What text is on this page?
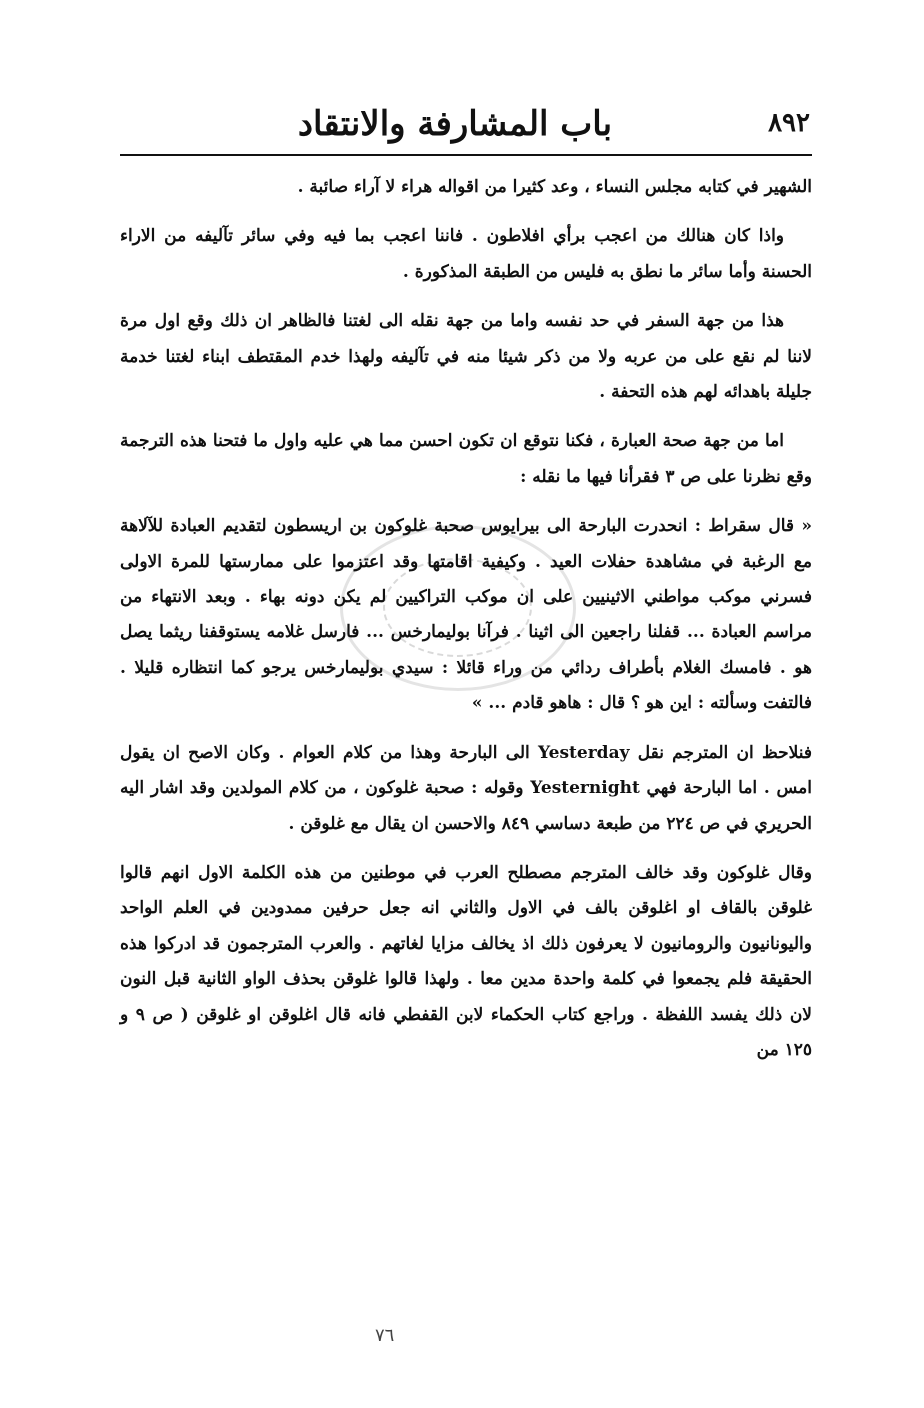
باب المشارفة والانتقاد	٨٩٢

الشهير في كتابه مجلس النساء ، وعد كثيرا من اقواله هراء لا آراء صائبة .

واذا كان هنالك من اعجب برأي افلاطون . فاننا اعجب بما فيه وفي سائر تآليفه من الاراء الحسنة وأما سائر ما نطق به فليس من الطبقة المذكورة .

هذا من جهة السفر في حد نفسه واما من جهة نقله الى لغتنا فالظاهر ان ذلك وقع اول مرة لاننا لم نقع على من عربه ولا من ذكر شيئا منه في تآليفه ولهذا خدم المقتطف ابناء لغتنا خدمة جليلة باهدائه لهم هذه التحفة .

اما من جهة صحة العبارة ، فكنا نتوقع ان تكون احسن مما هي عليه واول ما فتحنا هذه الترجمة وقع نظرنا على ص ٣ فقرأنا فيها ما نقله :

« قال سقراط : انحدرت البارحة الى بيرايوس صحبة غلوكون بن اريسطون لتقديم العبادة للآلاهة مع الرغبة في مشاهدة حفلات العيد . وكيفية اقامتها وقد اعتزموا على ممارستها للمرة الاولى فسرني موكب مواطني الاثينيين على ان موكب التراكيين لم يكن دونه بهاء . وبعد الانتهاء من مراسم العبادة ... قفلنا راجعين الى اثينا . فرآنا بوليمارخس ... فارسل غلامه يستوقفنا ريثما يصل هو . فامسك الغلام بأطراف ردائي من وراء قائلا : سيدي بوليمارخس يرجو كما انتظاره قليلا . فالتفت وسألته : اين هو ؟ قال : هاهو قادم ... »

فنلاحظ ان المترجم نقل Yesterday الى البارحة وهذا من كلام العوام . وكان الاصح ان يقول امس . اما البارحة فهي Yesternight وقوله : صحبة غلوكون ، من كلام المولدين وقد اشار اليه الحريري في ص ٢٢٤ من طبعة دساسي ٨٤٩ والاحسن ان يقال مع غلوقن .

وقال غلوكون وقد خالف المترجم مصطلح العرب في موطنين من هذه الكلمة الاول انهم قالوا غلوقن بالقاف او اغلوقن بالف في الاول والثاني انه جعل حرفين ممدودين في العلم الواحد واليونانيون والرومانيون لا يعرفون ذلك اذ يخالف مزايا لغاتهم . والعرب المترجمون قد ادركوا هذه الحقيقة فلم يجمعوا في كلمة واحدة مدين معا . ولهذا قالوا غلوقن بحذف الواو الثانية قبل النون لان ذلك يفسد اللفظة . وراجع كتاب الحكماء لابن القفطي فانه قال اغلوقن او غلوقن ( ص ٩ و ١٢٥ من

٧٦
